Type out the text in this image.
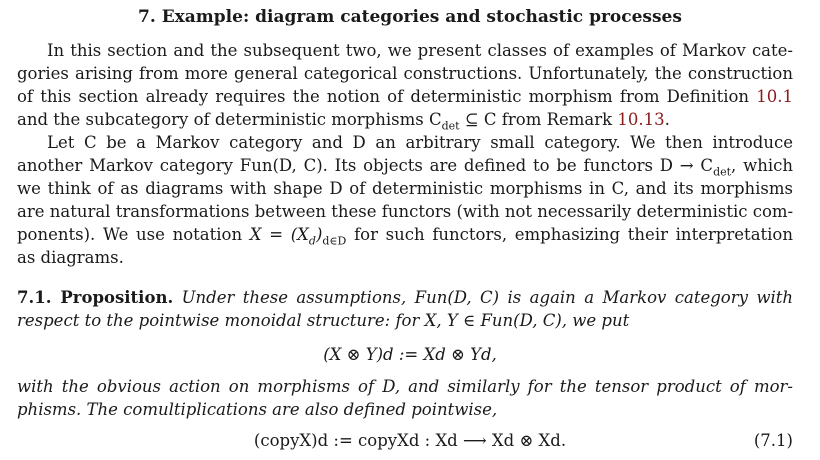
7. Example: diagram categories and stochastic processes
In this section and the subsequent two, we present classes of examples of Markov cate-
gories arising from more general categorical constructions. Unfortunately, the construction
of this section already requires the notion of deterministic morphism from Definition 10.1
and the subcategory of deterministic morphisms $C_{det}$ ⊆ C from Remark 10.13.
Let C be a Markov category and D an arbitrary small category. We then introduce
another Markov category Fun(D, C). Its objects are defined to be functors $D \to C_{det}$, which
we think of as diagrams with shape D of deterministic morphisms in C, and its morphisms
are natural transformations between these functors (with not necessarily deterministic com-
ponents). We use notation $X = (X_d)_{d\in D}$ for such functors, emphasizing their interpretation
as diagrams.
7.1. Proposition. Under these assumptions, Fun(D, C) is again a Markov category with
respect to the pointwise monoidal structure: for X, Y ∈ Fun(D, C), we put
(X ⊗ Y)d := Xd ⊗ Yd,
with the obvious action on morphisms of D, and similarly for the tensor product of mor-
phisms. The comultiplications are also defined pointwise,
(copyX)d := copyXd : Xd ⟶ Xd ⊗ Xd.	(7.1)
